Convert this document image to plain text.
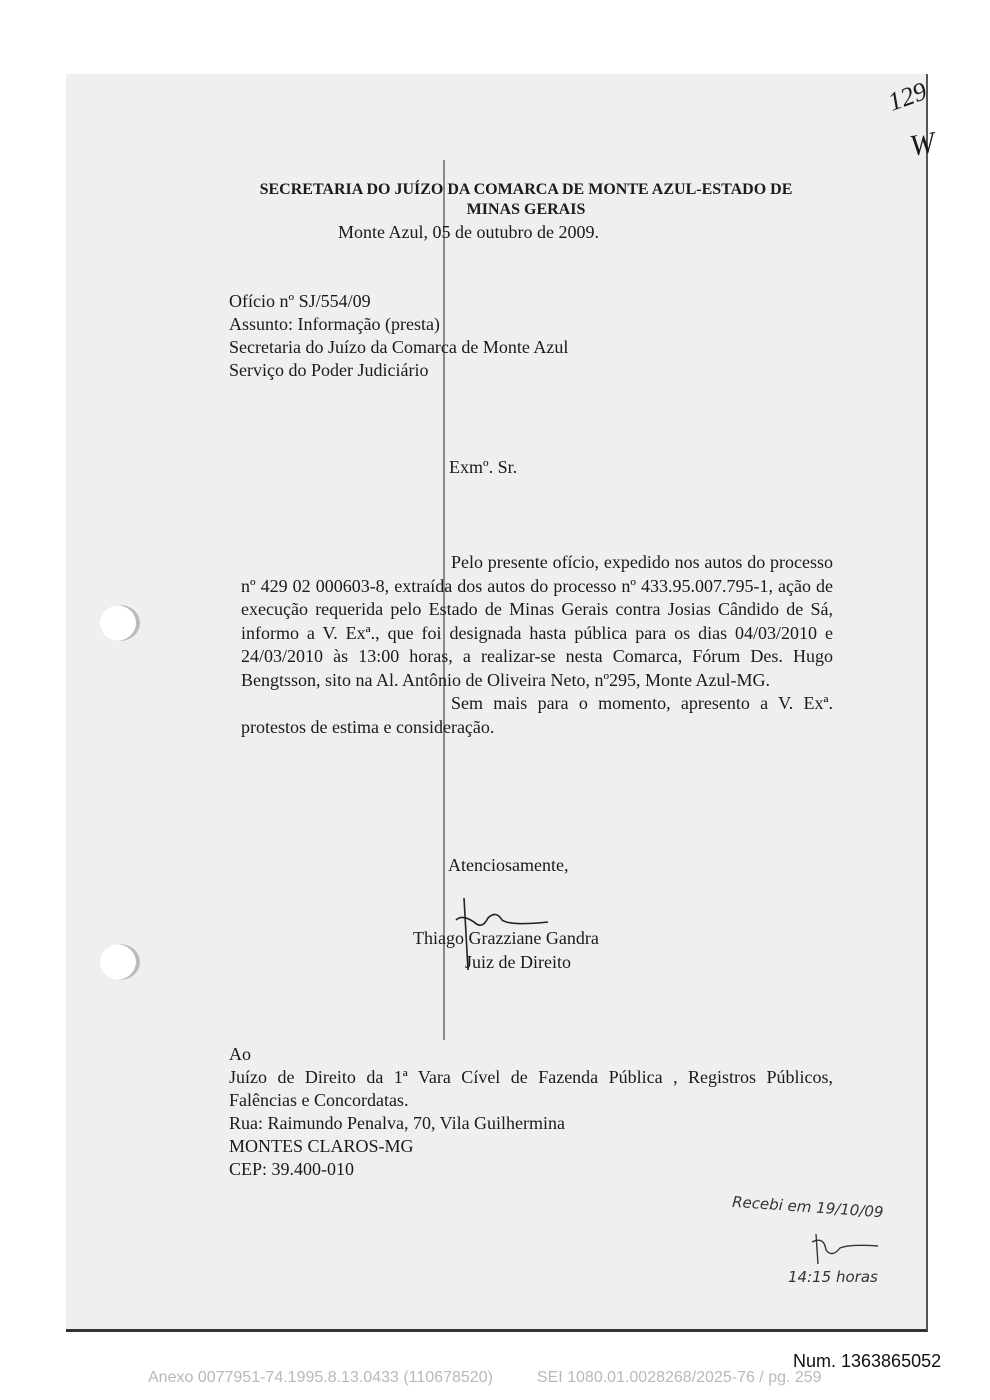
129
W
SECRETARIA DO JUÍZO DA COMARCA DE MONTE AZUL-ESTADO DE
MINAS GERAIS
Monte Azul, 05 de outubro de 2009.
Ofício nº SJ/554/09
Assunto: Informação (presta)
Secretaria do Juízo da Comarca de Monte Azul
Serviço do Poder Judiciário
Exmº. Sr.

Pelo presente ofício, expedido nos autos do processo nº 429 02 000603-8, extraída dos autos do processo nº 433.95.007.795-1, ação de execução requerida pelo Estado de Minas Gerais contra Josias Cândido de Sá, informo a V. Exª., que foi designada hasta pública para os dias 04/03/2010 e 24/03/2010 às 13:00 horas, a realizar-se nesta Comarca, Fórum Des. Hugo Bengtsson, sito na Al. Antônio de Oliveira Neto, nº295, Monte Azul-MG.

Sem mais para o momento, apresento a V. Exª. protestos de estima e consideração.

Atenciosamente,
Thiago Grazziane Gandra
Juiz de Direito
Ao
Juízo de Direito da 1ª Vara Cível de Fazenda Pública , Registros Públicos, Falências e Concordatas.
Rua: Raimundo Penalva, 70, Vila Guilhermina
MONTES CLAROS-MG
CEP: 39.400-010
Recebi em 19/10/09
14:15 horas
Num. 1363865052
Anexo 0077951-74.1995.8.13.0433 (110678520)	SEI 1080.01.0028268/2025-76 / pg. 259
